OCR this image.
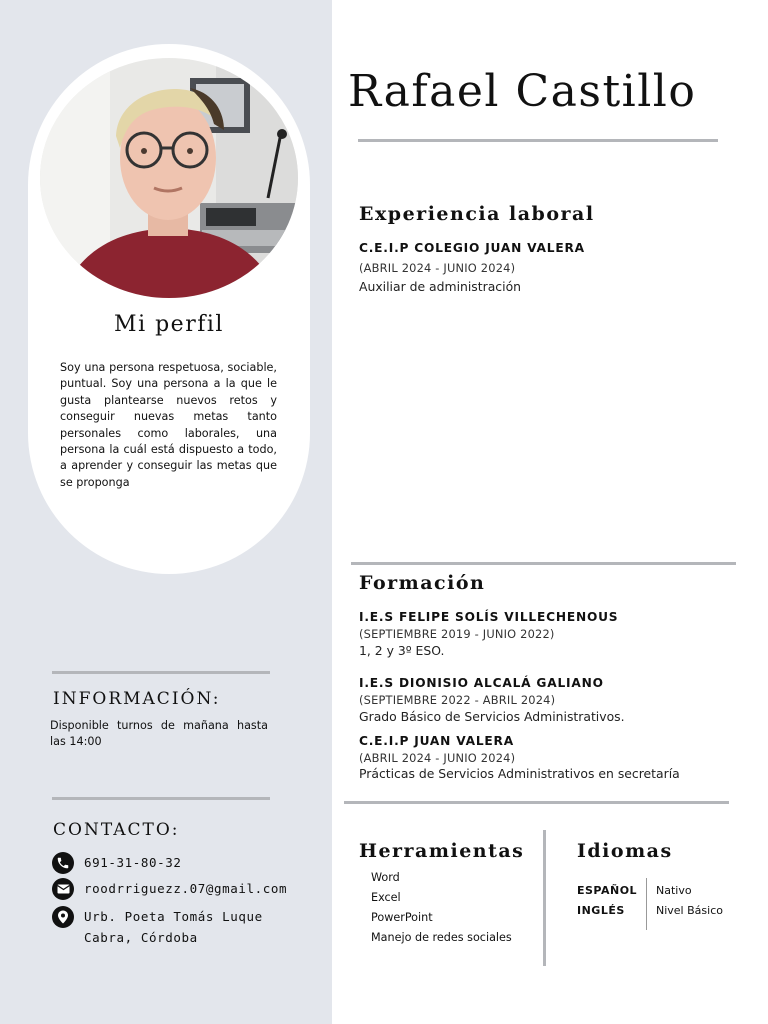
Mi perfil
Soy una persona respetuosa, sociable, puntual. Soy una persona a la que le gusta plantearse nuevos retos y conseguir nuevas metas tanto personales como laborales, una persona la cuál está dispuesto a todo, a aprender y conseguir las metas que se proponga
INFORMACIÓN:
Disponible turnos de mañana hasta las 14:00
CONTACTO:
691-31-80-32
roodrriguezz.07@gmail.com
Urb. Poeta Tomás Luque
Cabra, Córdoba
Rafael Castillo
Experiencia laboral
C.E.I.P COLEGIO JUAN VALERA
(ABRIL 2024 - JUNIO 2024)
Auxiliar de administración
Formación
I.E.S FELIPE SOLÍS VILLECHENOUS
(SEPTIEMBRE 2019 - JUNIO 2022)
1, 2 y 3º ESO.
I.E.S DIONISIO ALCALÁ GALIANO
(SEPTIEMBRE 2022 - ABRIL 2024)
Grado Básico de Servicios Administrativos.
C.E.I.P JUAN VALERA
(ABRIL 2024 - JUNIO 2024)
Prácticas de Servicios Administrativos en secretaría
Herramientas
Word
Excel
PowerPoint
Manejo de redes sociales
Idiomas
ESPAÑOL
INGLÉS
Nativo
Nivel Básico
